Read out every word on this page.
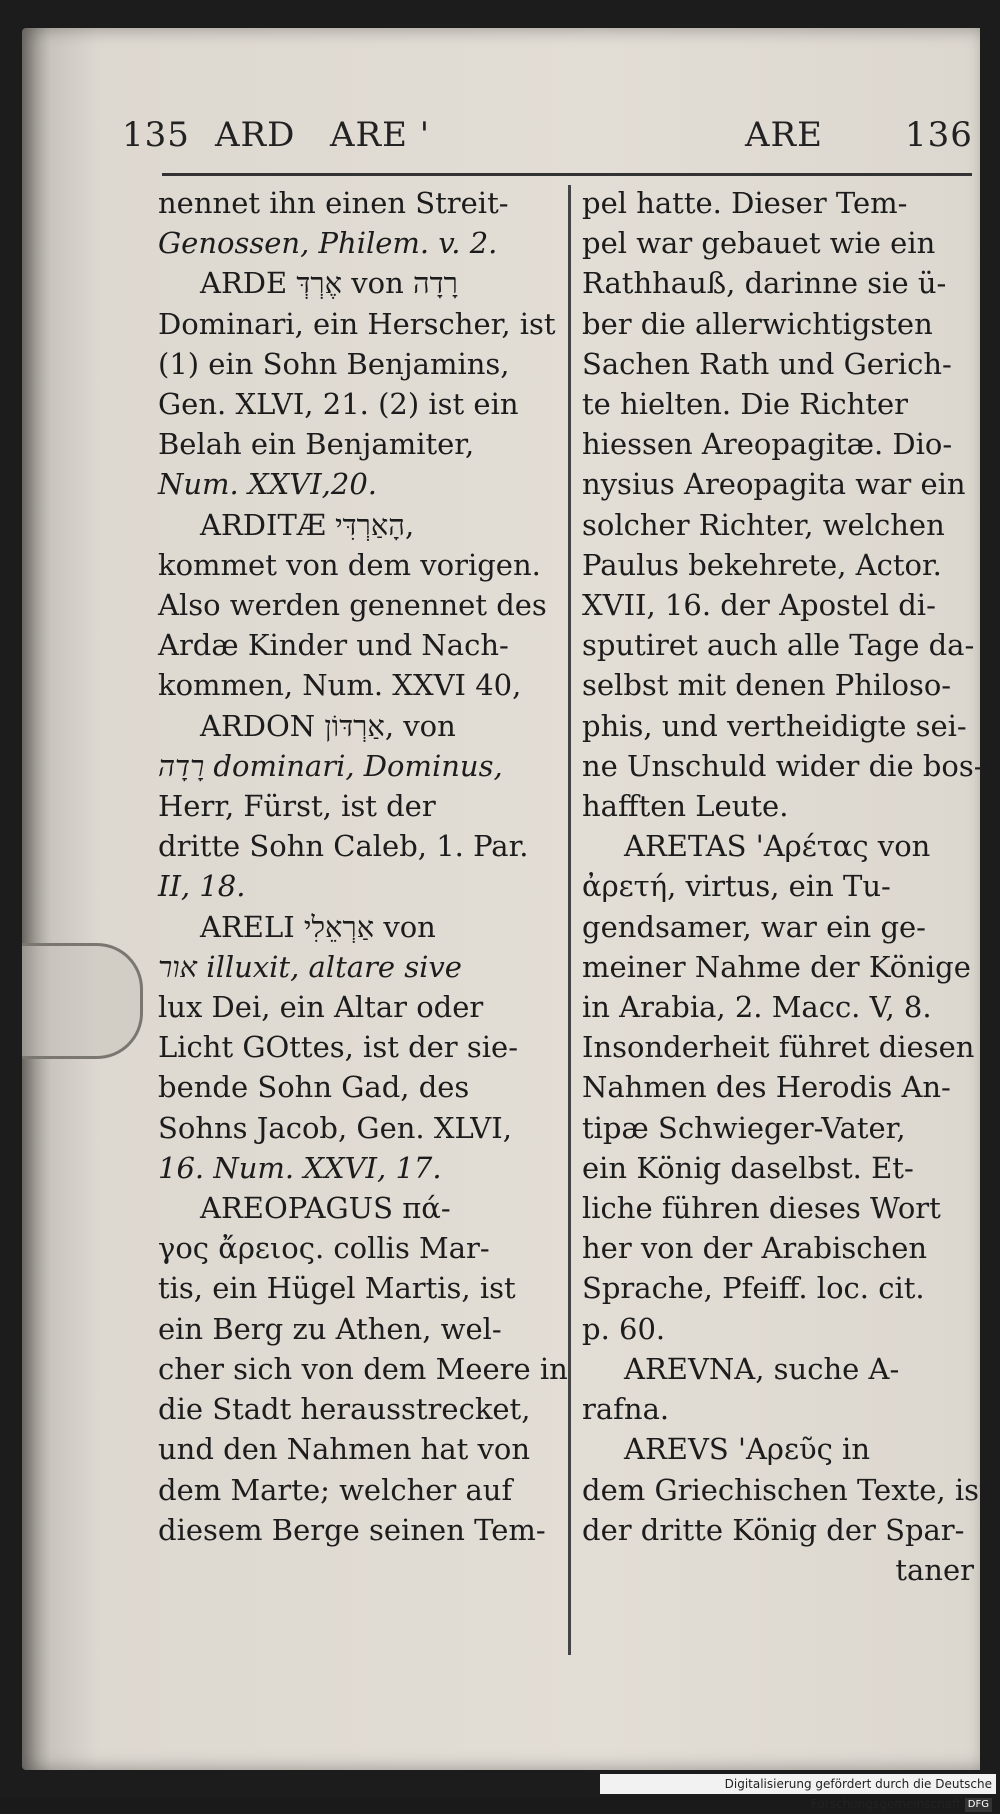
135 ARD ARE '	ARE 136
nennet ihn einen Streit-
Genossen, Philem. v. 2.
ARDE אֶרְדְּ von רָדָה
Dominari, ein Herscher, ist
(1) ein Sohn Benjamins,
Gen. XLVI, 21. (2) ist ein
Belah ein Benjamiter,
Num. XXVI,20.
ARDITÆ הָאַרְדִּי,
kommet von dem vorigen.
Also werden genennet des
Ardæ Kinder und Nach-
kommen, Num. XXVI 40,
ARDON אַרְדּוֹן, von
רָדָה dominari, Dominus,
Herr, Fürst, ist der
dritte Sohn Caleb, 1. Par.
II, 18.
ARELI אַרְאֵלִי von
אור illuxit, altare sive
lux Dei, ein Altar oder
Licht GOttes, ist der sie-
bende Sohn Gad, des
Sohns Jacob, Gen. XLVI,
16. Num. XXVI, 17.
AREOPAGUS πά-
γος ἄρειος. collis Mar-
tis, ein Hügel Martis, ist
ein Berg zu Athen, wel-
cher sich von dem Meere in
die Stadt herausstrecket,
und den Nahmen hat von
dem Marte; welcher auf
diesem Berge seinen Tem-
pel hatte. Dieser Tem-
pel war gebauet wie ein
Rathhauß, darinne sie ü-
ber die allerwichtigsten
Sachen Rath und Gerich-
te hielten. Die Richter
hiessen Areopagitæ. Dio-
nysius Areopagita war ein
solcher Richter, welchen
Paulus bekehrete, Actor.
XVII, 16. der Apostel di-
sputiret auch alle Tage da-
selbst mit denen Philoso-
phis, und vertheidigte sei-
ne Unschuld wider die bos-
hafften Leute.
ARETAS 'Αρέτας von
ἀρετή, virtus, ein Tu-
gendsamer, war ein ge-
meiner Nahme der Könige
in Arabia, 2. Macc. V, 8.
Insonderheit führet diesen
Nahmen des Herodis An-
tipæ Schwieger-Vater,
ein König daselbst. Et-
liche führen dieses Wort
her von der Arabischen
Sprache, Pfeiff. loc. cit.
p. 60.
AREVNA, suche A-
rafna.
AREVS 'Αρεῦς in
dem Griechischen Texte, ist
der dritte König der Spar-
taner
Digitalisierung gefördert durch die Deutsche Forschungsgemeinschaft DFG
